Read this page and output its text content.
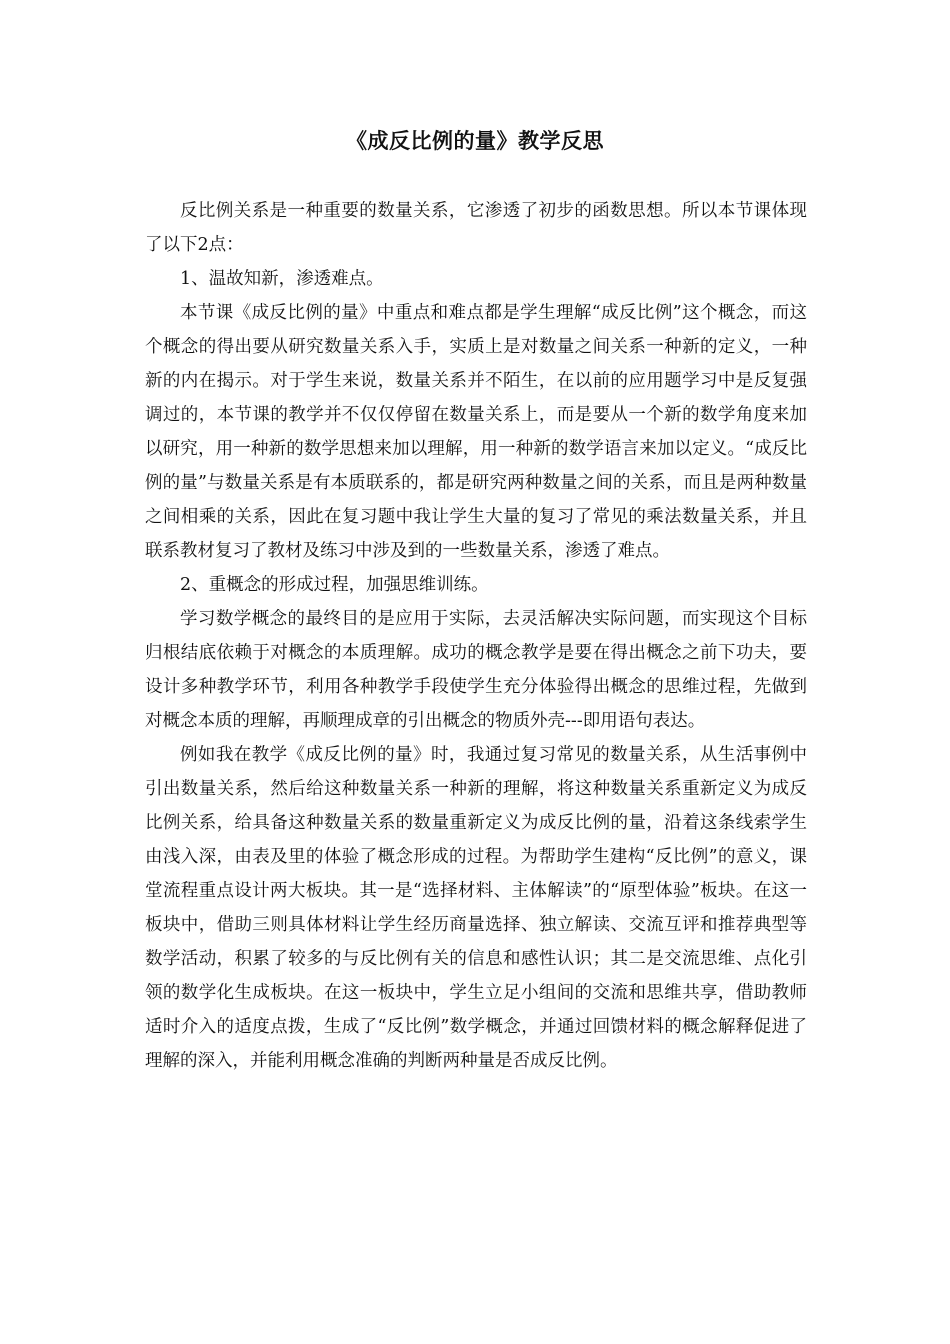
《成反比例的量》教学反思

反比例关系是一种重要的数量关系，它渗透了初步的函数思想。所以本节课体现了以下2点：

1、温故知新，渗透难点。

本节课《成反比例的量》中重点和难点都是学生理解“成反比例”这个概念，而这个概念的得出要从研究数量关系入手，实质上是对数量之间关系一种新的定义，一种新的内在揭示。对于学生来说，数量关系并不陌生，在以前的应用题学习中是反复强调过的，本节课的教学并不仅仅停留在数量关系上，而是要从一个新的数学角度来加以研究，用一种新的数学思想来加以理解，用一种新的数学语言来加以定义。“成反比例的量”与数量关系是有本质联系的，都是研究两种数量之间的关系，而且是两种数量之间相乘的关系，因此在复习题中我让学生大量的复习了常见的乘法数量关系，并且联系教材复习了教材及练习中涉及到的一些数量关系，渗透了难点。

2、重概念的形成过程，加强思维训练。

学习数学概念的最终目的是应用于实际，去灵活解决实际问题，而实现这个目标归根结底依赖于对概念的本质理解。成功的概念教学是要在得出概念之前下功夫，要设计多种教学环节，利用各种教学手段使学生充分体验得出概念的思维过程，先做到对概念本质的理解，再顺理成章的引出概念的物质外壳---即用语句表达。

例如我在教学《成反比例的量》时，我通过复习常见的数量关系，从生活事例中引出数量关系，然后给这种数量关系一种新的理解，将这种数量关系重新定义为成反比例关系，给具备这种数量关系的数量重新定义为成反比例的量，沿着这条线索学生由浅入深，由表及里的体验了概念形成的过程。为帮助学生建构“反比例”的意义，课堂流程重点设计两大板块。其一是“选择材料、主体解读”的“原型体验”板块。在这一板块中，借助三则具体材料让学生经历商量选择、独立解读、交流互评和推荐典型等数学活动，积累了较多的与反比例有关的信息和感性认识；其二是交流思维、点化引领的数学化生成板块。在这一板块中，学生立足小组间的交流和思维共享，借助教师适时介入的适度点拨，生成了“反比例”数学概念，并通过回馈材料的概念解释促进了理解的深入，并能利用概念准确的判断两种量是否成反比例。
